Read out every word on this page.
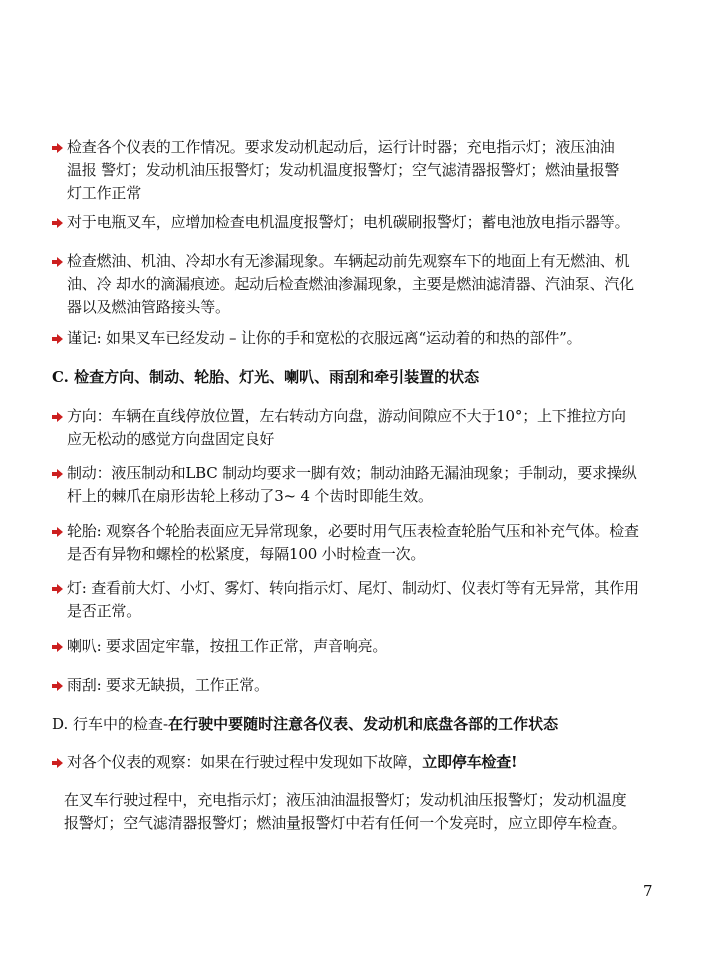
检查各个仪表的工作情况。要求发动机起动后，运行计时器；充电指示灯；液压油油
温报 警灯；发动机油压报警灯；发动机温度报警灯；空气滤清器报警灯；燃油量报警
灯工作正常
对于电瓶叉车，应增加检查电机温度报警灯；电机碳刷报警灯；蓄电池放电指示器等。
检查燃油、机油、冷却水有无渗漏现象。车辆起动前先观察车下的地面上有无燃油、机
油、冷 却水的滴漏痕迹。起动后检查燃油渗漏现象，主要是燃油滤清器、汽油泵、汽化
器以及燃油管路接头等。
谨记: 如果叉车已经发动 – 让你的手和宽松的衣服远离“运动着的和热的部件”。
C. 检查方向、制动、轮胎、灯光、喇叭、雨刮和牵引装置的状态
方向：车辆在直线停放位置，左右转动方向盘，游动间隙应不大于10°；上下推拉方向
应无松动的感觉方向盘固定良好
制动：液压制动和LBC 制动均要求一脚有效；制动油路无漏油现象；手制动，要求操纵
杆上的棘爪在扇形齿轮上移动了3~ 4 个齿时即能生效。
轮胎: 观察各个轮胎表面应无异常现象，必要时用气压表检查轮胎气压和补充气体。检查
是否有异物和螺栓的松紧度，每隔100 小时检查一次。
灯: 查看前大灯、小灯、雾灯、转向指示灯、尾灯、制动灯、仪表灯等有无异常，其作用
是否正常。
喇叭: 要求固定牢靠，按扭工作正常，声音响亮。
雨刮: 要求无缺损，工作正常。
D. 行车中的检查-在行驶中要随时注意各仪表、发动机和底盘各部的工作状态
对各个仪表的观察：如果在行驶过程中发现如下故障，立即停车检查!
在叉车行驶过程中，充电指示灯；液压油油温报警灯；发动机油压报警灯；发动机温度
报警灯；空气滤清器报警灯；燃油量报警灯中若有任何一个发亮时，应立即停车检查。
7
